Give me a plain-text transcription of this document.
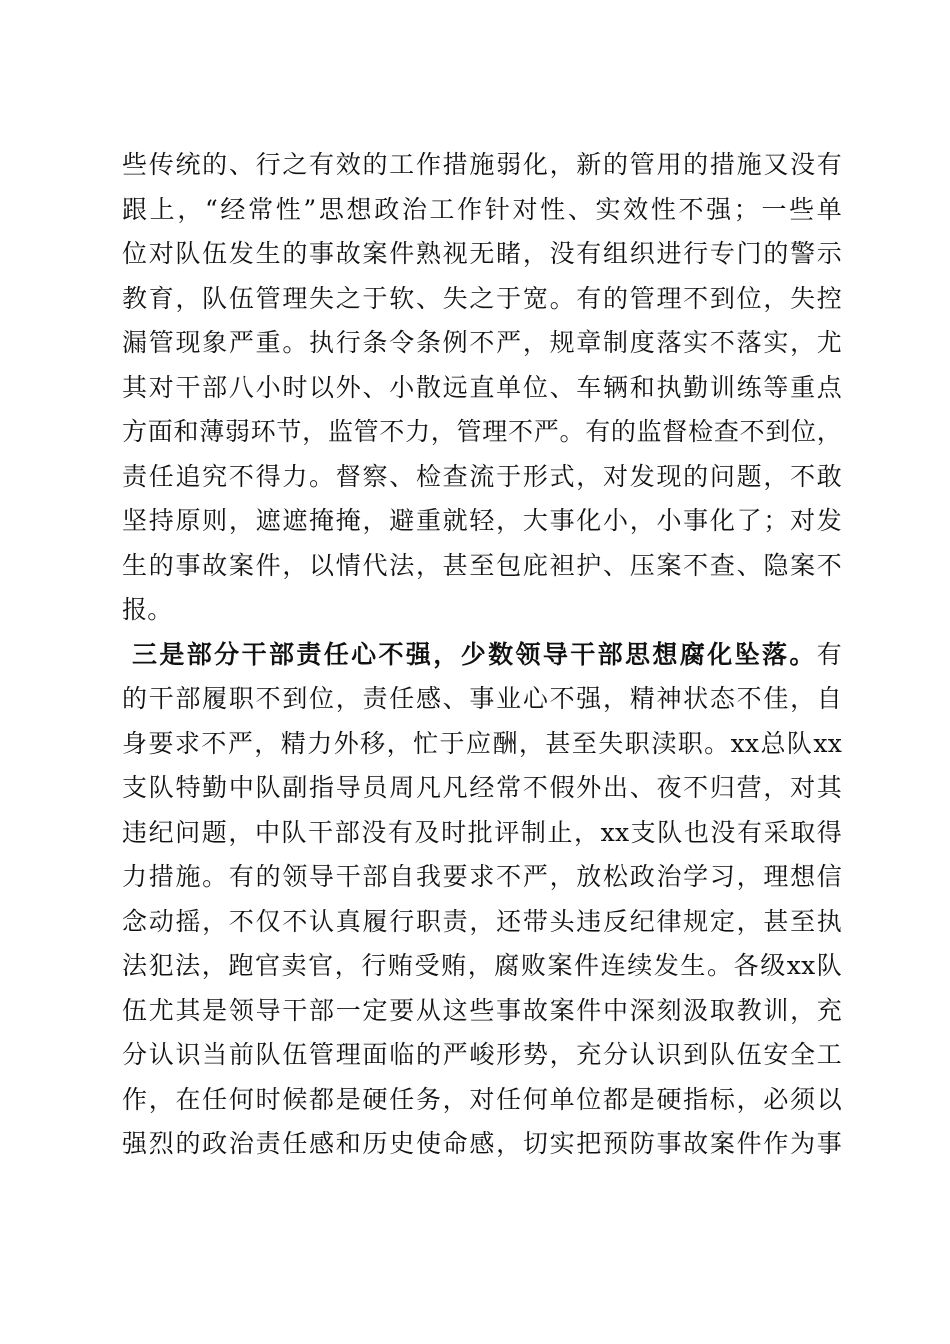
些传统的、行之有效的工作措施弱化，新的管用的措施又没有
跟上，“经常性”思想政治工作针对性、实效性不强；一些单
位对队伍发生的事故案件熟视无睹，没有组织进行专门的警示
教育，队伍管理失之于软、失之于宽。有的管理不到位，失控
漏管现象严重。执行条令条例不严，规章制度落实不落实，尤
其对干部八小时以外、小散远直单位、车辆和执勤训练等重点
方面和薄弱环节，监管不力，管理不严。有的监督检查不到位，
责任追究不得力。督察、检查流于形式，对发现的问题，不敢
坚持原则，遮遮掩掩，避重就轻，大事化小，小事化了；对发
生的事故案件，以情代法，甚至包庇袒护、压案不查、隐案不
报。
三是部分干部责任心不强，少数领导干部思想腐化坠落。有
的干部履职不到位，责任感、事业心不强，精神状态不佳，自
身要求不严，精力外移，忙于应酬，甚至失职渎职。xx总队xx
支队特勤中队副指导员周凡凡经常不假外出、夜不归营，对其
违纪问题，中队干部没有及时批评制止，xx支队也没有采取得
力措施。有的领导干部自我要求不严，放松政治学习，理想信
念动摇，不仅不认真履行职责，还带头违反纪律规定，甚至执
法犯法，跑官卖官，行贿受贿，腐败案件连续发生。各级xx队
伍尤其是领导干部一定要从这些事故案件中深刻汲取教训，充
分认识当前队伍管理面临的严峻形势，充分认识到队伍安全工
作，在任何时候都是硬任务，对任何单位都是硬指标，必须以
强烈的政治责任感和历史使命感，切实把预防事故案件作为事
